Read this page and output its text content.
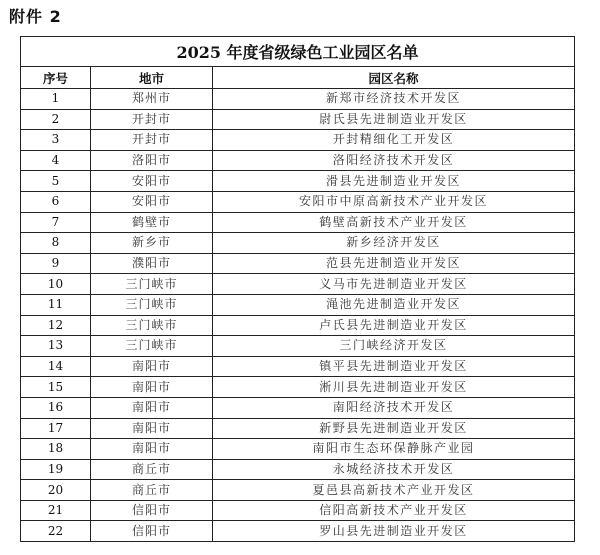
附件 2
2025 年度省级绿色工业园区名单		
序号	地市	园区名称
1	郑州市	新郑市经济技术开发区
2	开封市	尉氏县先进制造业开发区
3	开封市	开封精细化工开发区
4	洛阳市	洛阳经济技术开发区
5	安阳市	滑县先进制造业开发区
6	安阳市	安阳市中原高新技术产业开发区
7	鹤壁市	鹤壁高新技术产业开发区
8	新乡市	新乡经济开发区
9	濮阳市	范县先进制造业开发区
10	三门峡市	义马市先进制造业开发区
11	三门峡市	渑池先进制造业开发区
12	三门峡市	卢氏县先进制造业开发区
13	三门峡市	三门峡经济开发区
14	南阳市	镇平县先进制造业开发区
15	南阳市	淅川县先进制造业开发区
16	南阳市	南阳经济技术开发区
17	南阳市	新野县先进制造业开发区
18	南阳市	南阳市生态环保静脉产业园
19	商丘市	永城经济技术开发区
20	商丘市	夏邑县高新技术产业开发区
21	信阳市	信阳高新技术产业开发区
22	信阳市	罗山县先进制造业开发区
